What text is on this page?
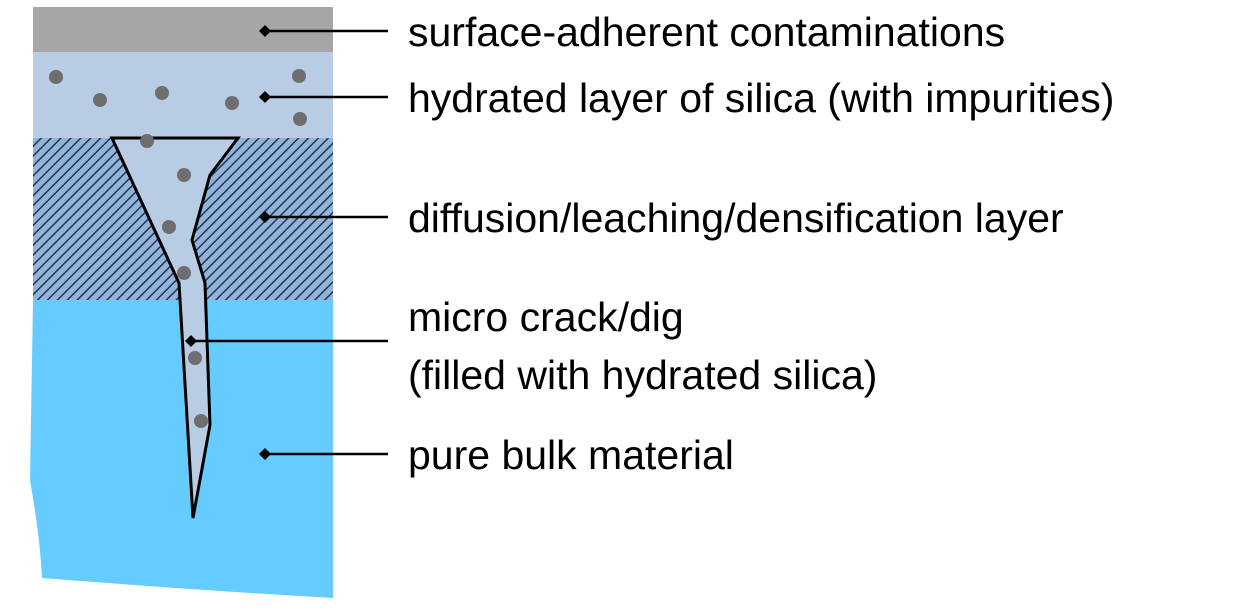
surface-adherent contaminations
hydrated layer of silica (with impurities)
diffusion/leaching/densification layer
micro crack/dig
(filled with hydrated silica)
pure bulk material
